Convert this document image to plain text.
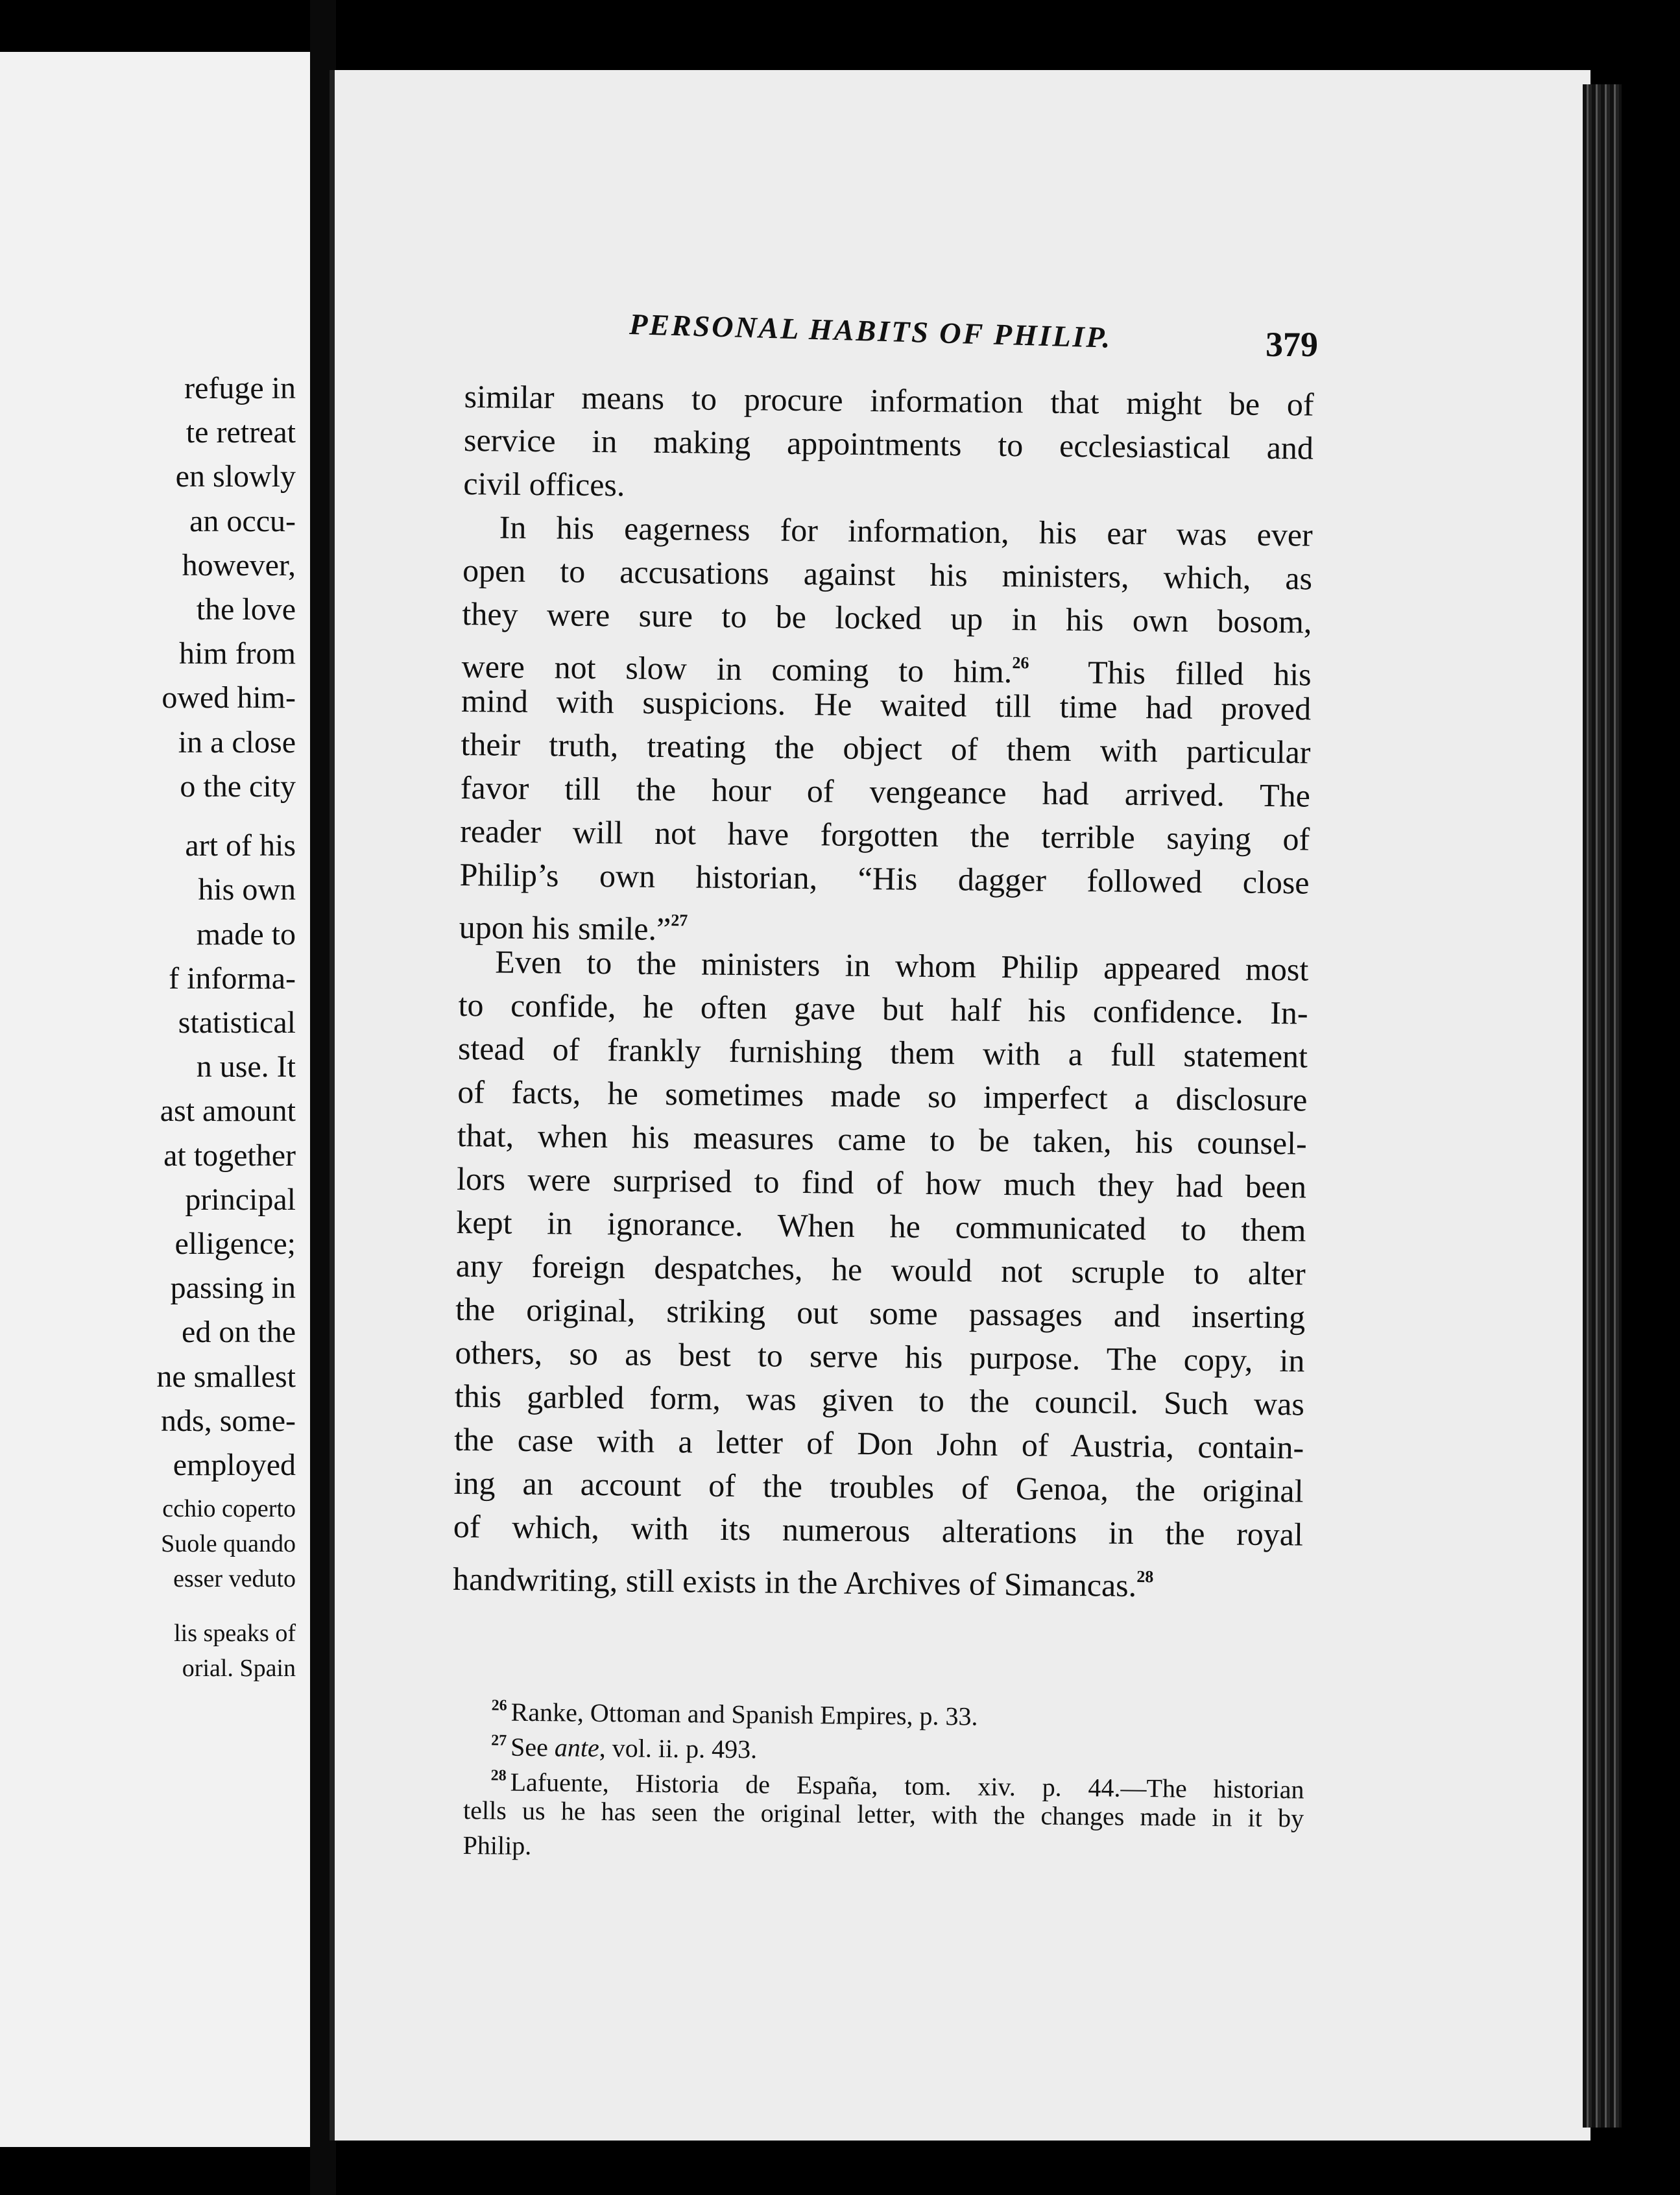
refuge in
te retreat
en slowly
an occu-
however,
the love
him from
owed him-
in a close
o the city
art of his
his own
made to
f informa-
statistical
n use. It
ast amount
at together
principal
elligence;
passing in
ed on the
ne smallest
nds, some-
employed
cchio coperto
Suole quando
esser veduto
lis speaks of
orial. Spain
PERSONAL HABITS OF PHILIP.	379
similar means to procure information that might be of
service in making appointments to ecclesiastical and
civil offices.
In his eagerness for information, his ear was ever
open to accusations against his ministers, which, as
they were sure to be locked up in his own bosom,
were not slow in coming to him.$^{26}$  This filled his
mind with suspicions. He waited till time had proved
their truth, treating the object of them with particular
favor till the hour of vengeance had arrived. The
reader will not have forgotten the terrible saying of
Philip’s own historian, “His dagger followed close
upon his smile.”$^{27}$
Even to the ministers in whom Philip appeared most
to confide, he often gave but half his confidence. In-
stead of frankly furnishing them with a full statement
of facts, he sometimes made so imperfect a disclosure
that, when his measures came to be taken, his counsel-
lors were surprised to find of how much they had been
kept in ignorance. When he communicated to them
any foreign despatches, he would not scruple to alter
the original, striking out some passages and inserting
others, so as best to serve his purpose. The copy, in
this garbled form, was given to the council. Such was
the case with a letter of Don John of Austria, contain-
ing an account of the troubles of Genoa, the original
of which, with its numerous alterations in the royal
handwriting, still exists in the Archives of Simancas.$^{28}$
$^{26}$ Ranke, Ottoman and Spanish Empires, p. 33.
$^{27}$ See ante, vol. ii. p. 493.
$^{28}$ Lafuente, Historia de España, tom. xiv. p. 44.—The historian
tells us he has seen the original letter, with the changes made in it by
Philip.
